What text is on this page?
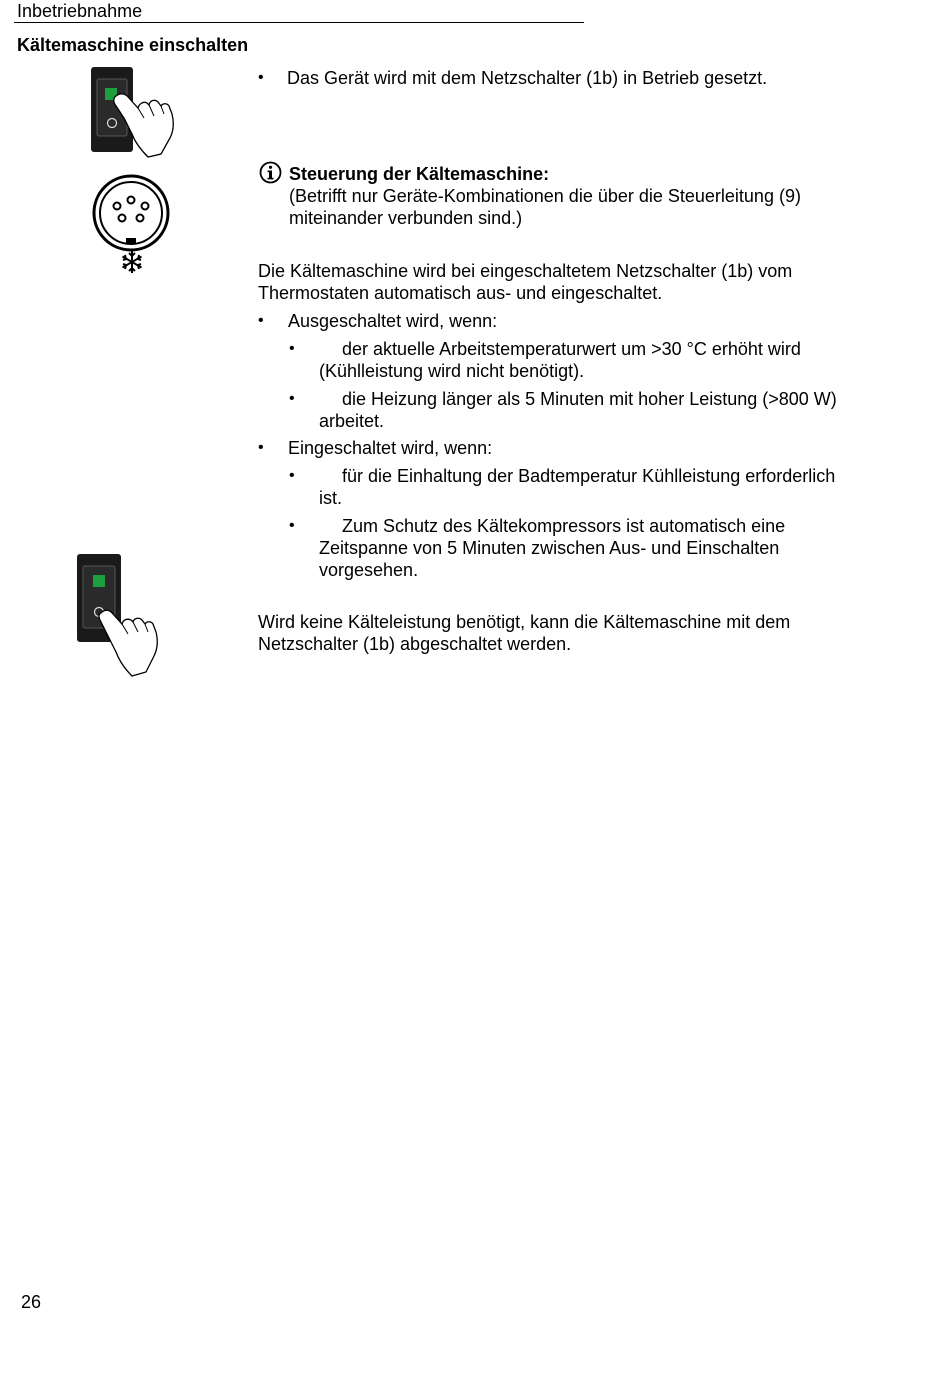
Inbetriebnahme
Kältemaschine einschalten
• Das Gerät wird mit dem Netzschalter (1b) in Betrieb gesetzt.
Steuerung der Kältemaschine:
(Betrifft nur Geräte-Kombinationen die über die Steuerleitung (9)
miteinander verbunden sind.)
Die Kältemaschine wird bei eingeschaltetem Netzschalter (1b) vom
Thermostaten automatisch aus- und eingeschaltet.
• Ausgeschaltet wird, wenn:
•	der aktuelle Arbeitstemperaturwert um >30 °C erhöht wird
(Kühlleistung wird nicht benötigt).
•	die Heizung länger als 5 Minuten mit hoher Leistung (>800 W)
arbeitet.
• Eingeschaltet wird, wenn:
•	für die Einhaltung der Badtemperatur Kühlleistung erforderlich
ist.
•	Zum Schutz des Kältekompressors ist automatisch eine
Zeitspanne von 5 Minuten zwischen Aus- und Einschalten
vorgesehen.
Wird keine Kälteleistung benötigt, kann die Kältemaschine mit dem
Netzschalter (1b) abgeschaltet werden.
26
